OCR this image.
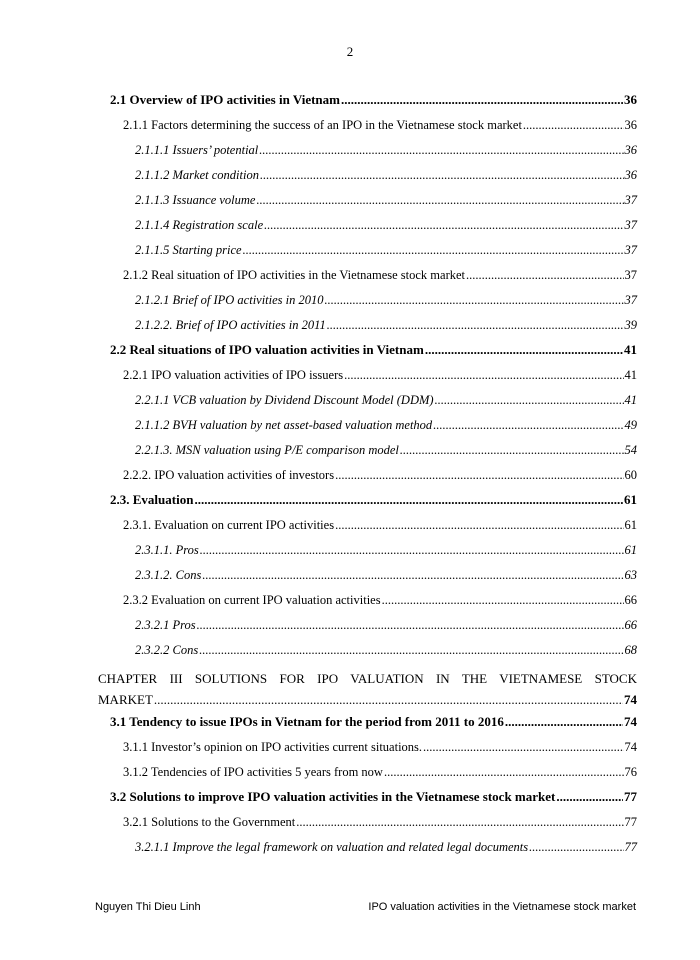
2
2.1 Overview of IPO activities in Vietnam .....	36
2.1.1 Factors determining the success of an IPO in the Vietnamese stock market .....	36
2.1.1.1 Issuers’ potential .....	36
2.1.1.2 Market condition .....	36
2.1.1.3 Issuance volume .....	37
2.1.1.4 Registration scale .....	37
2.1.1.5 Starting price .....	37
2.1.2 Real situation of IPO activities in the Vietnamese stock market .....	37
2.1.2.1 Brief of IPO activities in 2010 .....	37
2.1.2.2. Brief of IPO activities in 2011 .....	39
2.2 Real situations of IPO valuation activities in Vietnam .....	41
2.2.1 IPO valuation activities of IPO issuers .....	41
2.2.1.1 VCB valuation by Dividend Discount Model (DDM) .....	41
2.1.1.2 BVH valuation by net asset-based valuation method .....	49
2.2.1.3. MSN valuation using P/E comparison model .....	54
2.2.2. IPO valuation activities of investors .....	60
2.3. Evaluation .....	61
2.3.1. Evaluation on current IPO activities .....	61
2.3.1.1. Pros .....	61
2.3.1.2. Cons .....	63
2.3.2 Evaluation on current IPO valuation activities .....	66
2.3.2.1 Pros .....	66
2.3.2.2 Cons .....	68
3.1 Tendency to issue IPOs in Vietnam for the period from 2011 to 2016 .....	74
3.1.1 Investor’s opinion on IPO activities current situations. .....	74
3.1.2 Tendencies of IPO activities 5 years from now .....	76
3.2 Solutions to improve IPO valuation activities in the Vietnamese stock market .....	77
3.2.1 Solutions to the Government .....	77
3.2.1.1 Improve the legal framework on valuation and related legal documents .....	77
CHAPTER III SOLUTIONS FOR IPO VALUATION IN THE VIETNAMESE STOCK
MARKET .....	74
Nguyen Thi Dieu Linh	IPO valuation activities in the Vietnamese stock market
